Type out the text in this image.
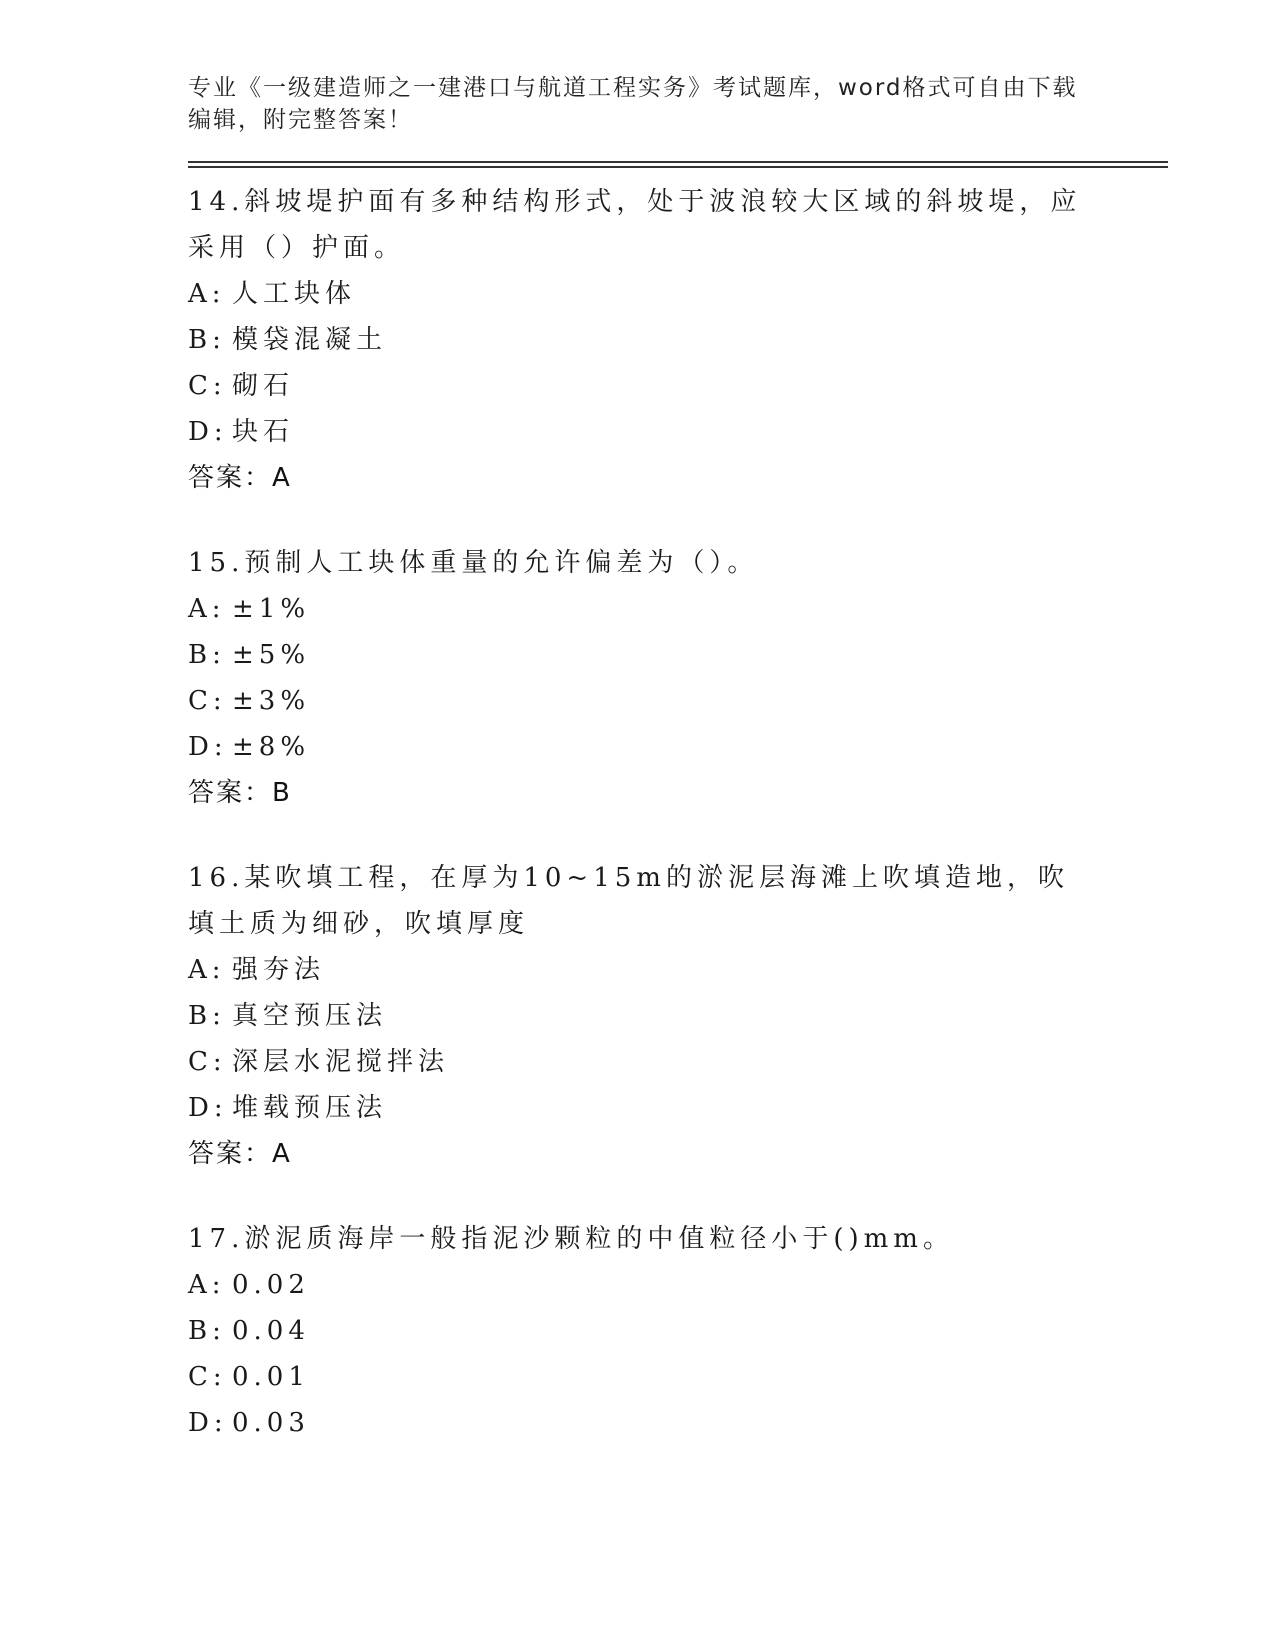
专业《一级建造师之一建港口与航道工程实务》考试题库，word格式可自由下载编辑，附完整答案！
14.斜坡堤护面有多种结构形式，处于波浪较大区域的斜坡堤，应采用（）护面。
A: 人工块体
B: 模袋混凝土
C: 砌石
D: 块石
答案：A
15.预制人工块体重量的允许偏差为（）。
A: ±1%
B: ±5%
C: ±3%
D: ±8%
答案：B
16.某吹填工程，在厚为10~15m的淤泥层海滩上吹填造地，吹填土质为细砂，吹填厚度
A: 强夯法
B: 真空预压法
C: 深层水泥搅拌法
D: 堆载预压法
答案：A
17.淤泥质海岸一般指泥沙颗粒的中值粒径小于()mm。
A: 0.02
B: 0.04
C: 0.01
D: 0.03
